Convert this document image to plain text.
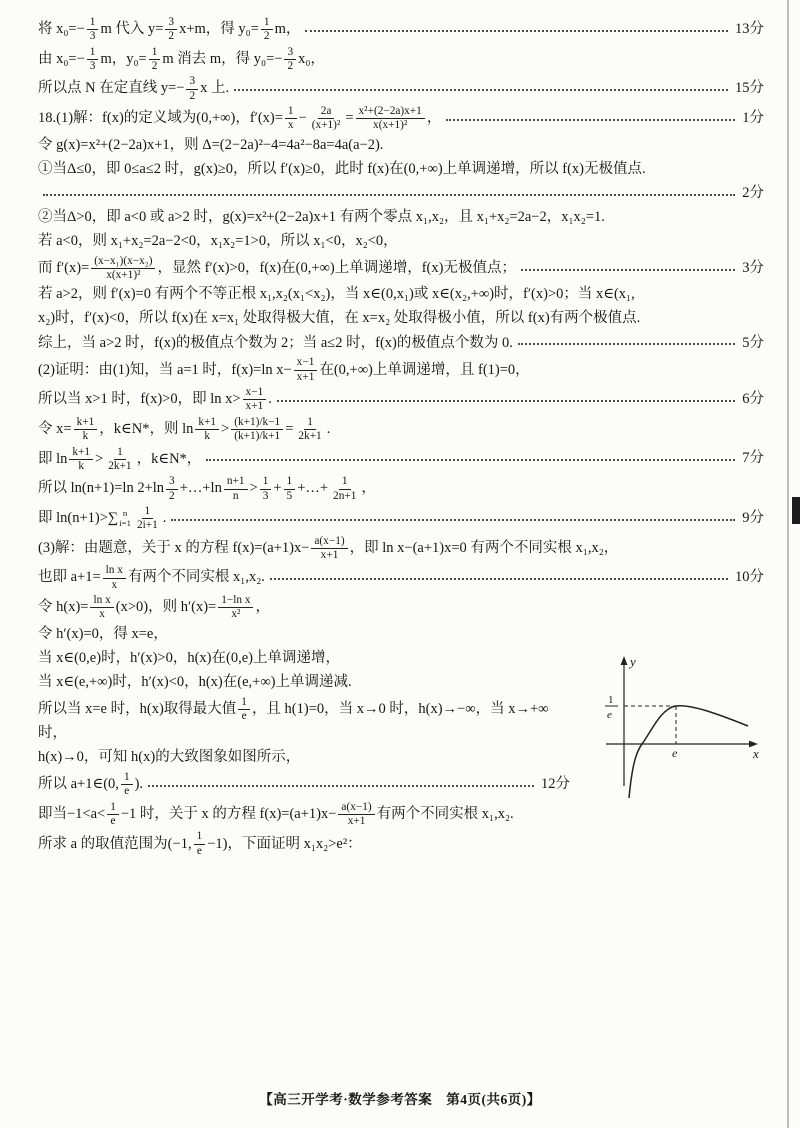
将 $x_0=- \frac{1}{3}$ m 代入 $y= \frac{3}{2} x+m$，得 $y_0= \frac{1}{2}$ m，	13分
由 $x_0=- \frac{1}{3}$ m，$y_0= \frac{1}{2}$ m 消去 m，得 $y_0=- \frac{3}{2} x_0$，
所以点 N 在定直线 $y=- \frac{3}{2}$ x 上.	15分
18.(1)解：f(x)的定义域为(0,+∞)，$f'(x)= \frac{1}{x} - \frac{2a}{\text{(x+1)²}} = \frac{\text{x²+(2−2a)x+1}}{\text{x(x+1)²}}$ ，	1分
令 g(x)=x²+(2−2a)x+1，则 Δ=(2−2a)²−4=4a²−8a=4a(a−2).
①当Δ≤0，即 0≤a≤2 时，g(x)≥0，所以 f′(x)≥0，此时 f(x)在(0,+∞)上单调递增，所以 f(x)无极值点.
2分
②当Δ>0，即 a<0 或 a>2 时，g(x)=x²+(2−2a)x+1 有两个零点 x₁,x₂，且 x₁+x₂=2a−2，x₁x₂=1.
若 a<0，则 x₁+x₂=2a−2<0，x₁x₂=1>0，所以 x₁<0，x₂<0，
而 $f'(x)= \frac{\text{(x−x₁)(x−x₂)}}{\text{x(x+1)²}}$ ，显然 f′(x)>0，f(x)在(0,+∞)上单调递增，f(x)无极值点；	3分
若 a>2，则 f′(x)=0 有两个不等正根 x₁,x₂(x₁<x₂)，当 x∈(0,x₁)或 x∈(x₂,+∞)时，f′(x)>0；当 x∈(x₁,
x₂)时，f′(x)<0，所以 f(x)在 x=x₁ 处取得极大值，在 x=x₂ 处取得极小值，所以 f(x)有两个极值点.
综上，当 a>2 时，f(x)的极值点个数为 2；当 a≤2 时，f(x)的极值点个数为 0.	5分
(2)证明：由(1)知，当 a=1 时，f(x)=ln $x- \frac{x-1}{x+1}$ 在(0,+∞)上单调递增，且 f(1)=0，
所以当 x>1 时，f(x)>0，即 $\ln x> \frac{x-1}{x+1}$ .	6分
令 $x= \frac{k+1}{k}$ ，k∈N*，则 $\ln \frac{k+1}{k} > \frac{(k+1)/k-1}{(k+1)/k+1} = \frac{1}{2k+1}$ .
即 $\ln \frac{k+1}{k} > \frac{1}{2k+1}$ ，k∈N*，	7分
所以 ln(n+1)=ln $2+\ln \frac{3}{2}$ +…+ln $\frac{n+1}{n} > \frac{1}{3} + \frac{1}{5}$ +…+ $\frac{1}{2n+1}$ ，
即 ln(n+1)>∑ n
$i=1 \frac{1}{2i+1}$ .	9分
(3)解：由题意，关于 x 的方程 $f(x)=(a+1)x- \frac{a(x-1)}{x+1}$ ，即 ln x−(a+1)x=0 有两个不同实根 x₁,x₂，
也即 $a+1= \frac{\text{ln x}}{x}$ 有两个不同实根 x₁,x₂.	10分
令 $h(x)= \frac{\text{ln x}}{x} (x>0)$，则 $h'(x)= \frac{\text{1−ln x}}{\text{x²}}$ ，
令 h′(x)=0，得 x=e，
y
x
1
e
e
当 x∈(0,e)时，h′(x)>0，h(x)在(0,e)上单调递增，
当 x∈(e,+∞)时，h′(x)<0，h(x)在(e,+∞)上单调递减.
所以当 x=e 时，h(x)取得最大值 $\frac{1}{e}$ ，且 h(1)=0，当 x→0 时，h(x)→−∞，当 x→+∞时，
h(x)→0，可知 h(x)的大致图象如图所示，
所以 a+1∈(0, $\frac{1}{e}$ ).	12分
即当$-1<a< \frac{1}{e} -1$ 时，关于 x 的方程 $f(x)=(a+1)x- \frac{a(x-1)}{x+1}$ 有两个不同实根 x₁,x₂.
所求 a 的取值范围为(−1, $\frac{1}{e} -1$)，下面证明 x₁x₂>e²：
【高三开学考·数学参考答案　第4页(共6页)】
